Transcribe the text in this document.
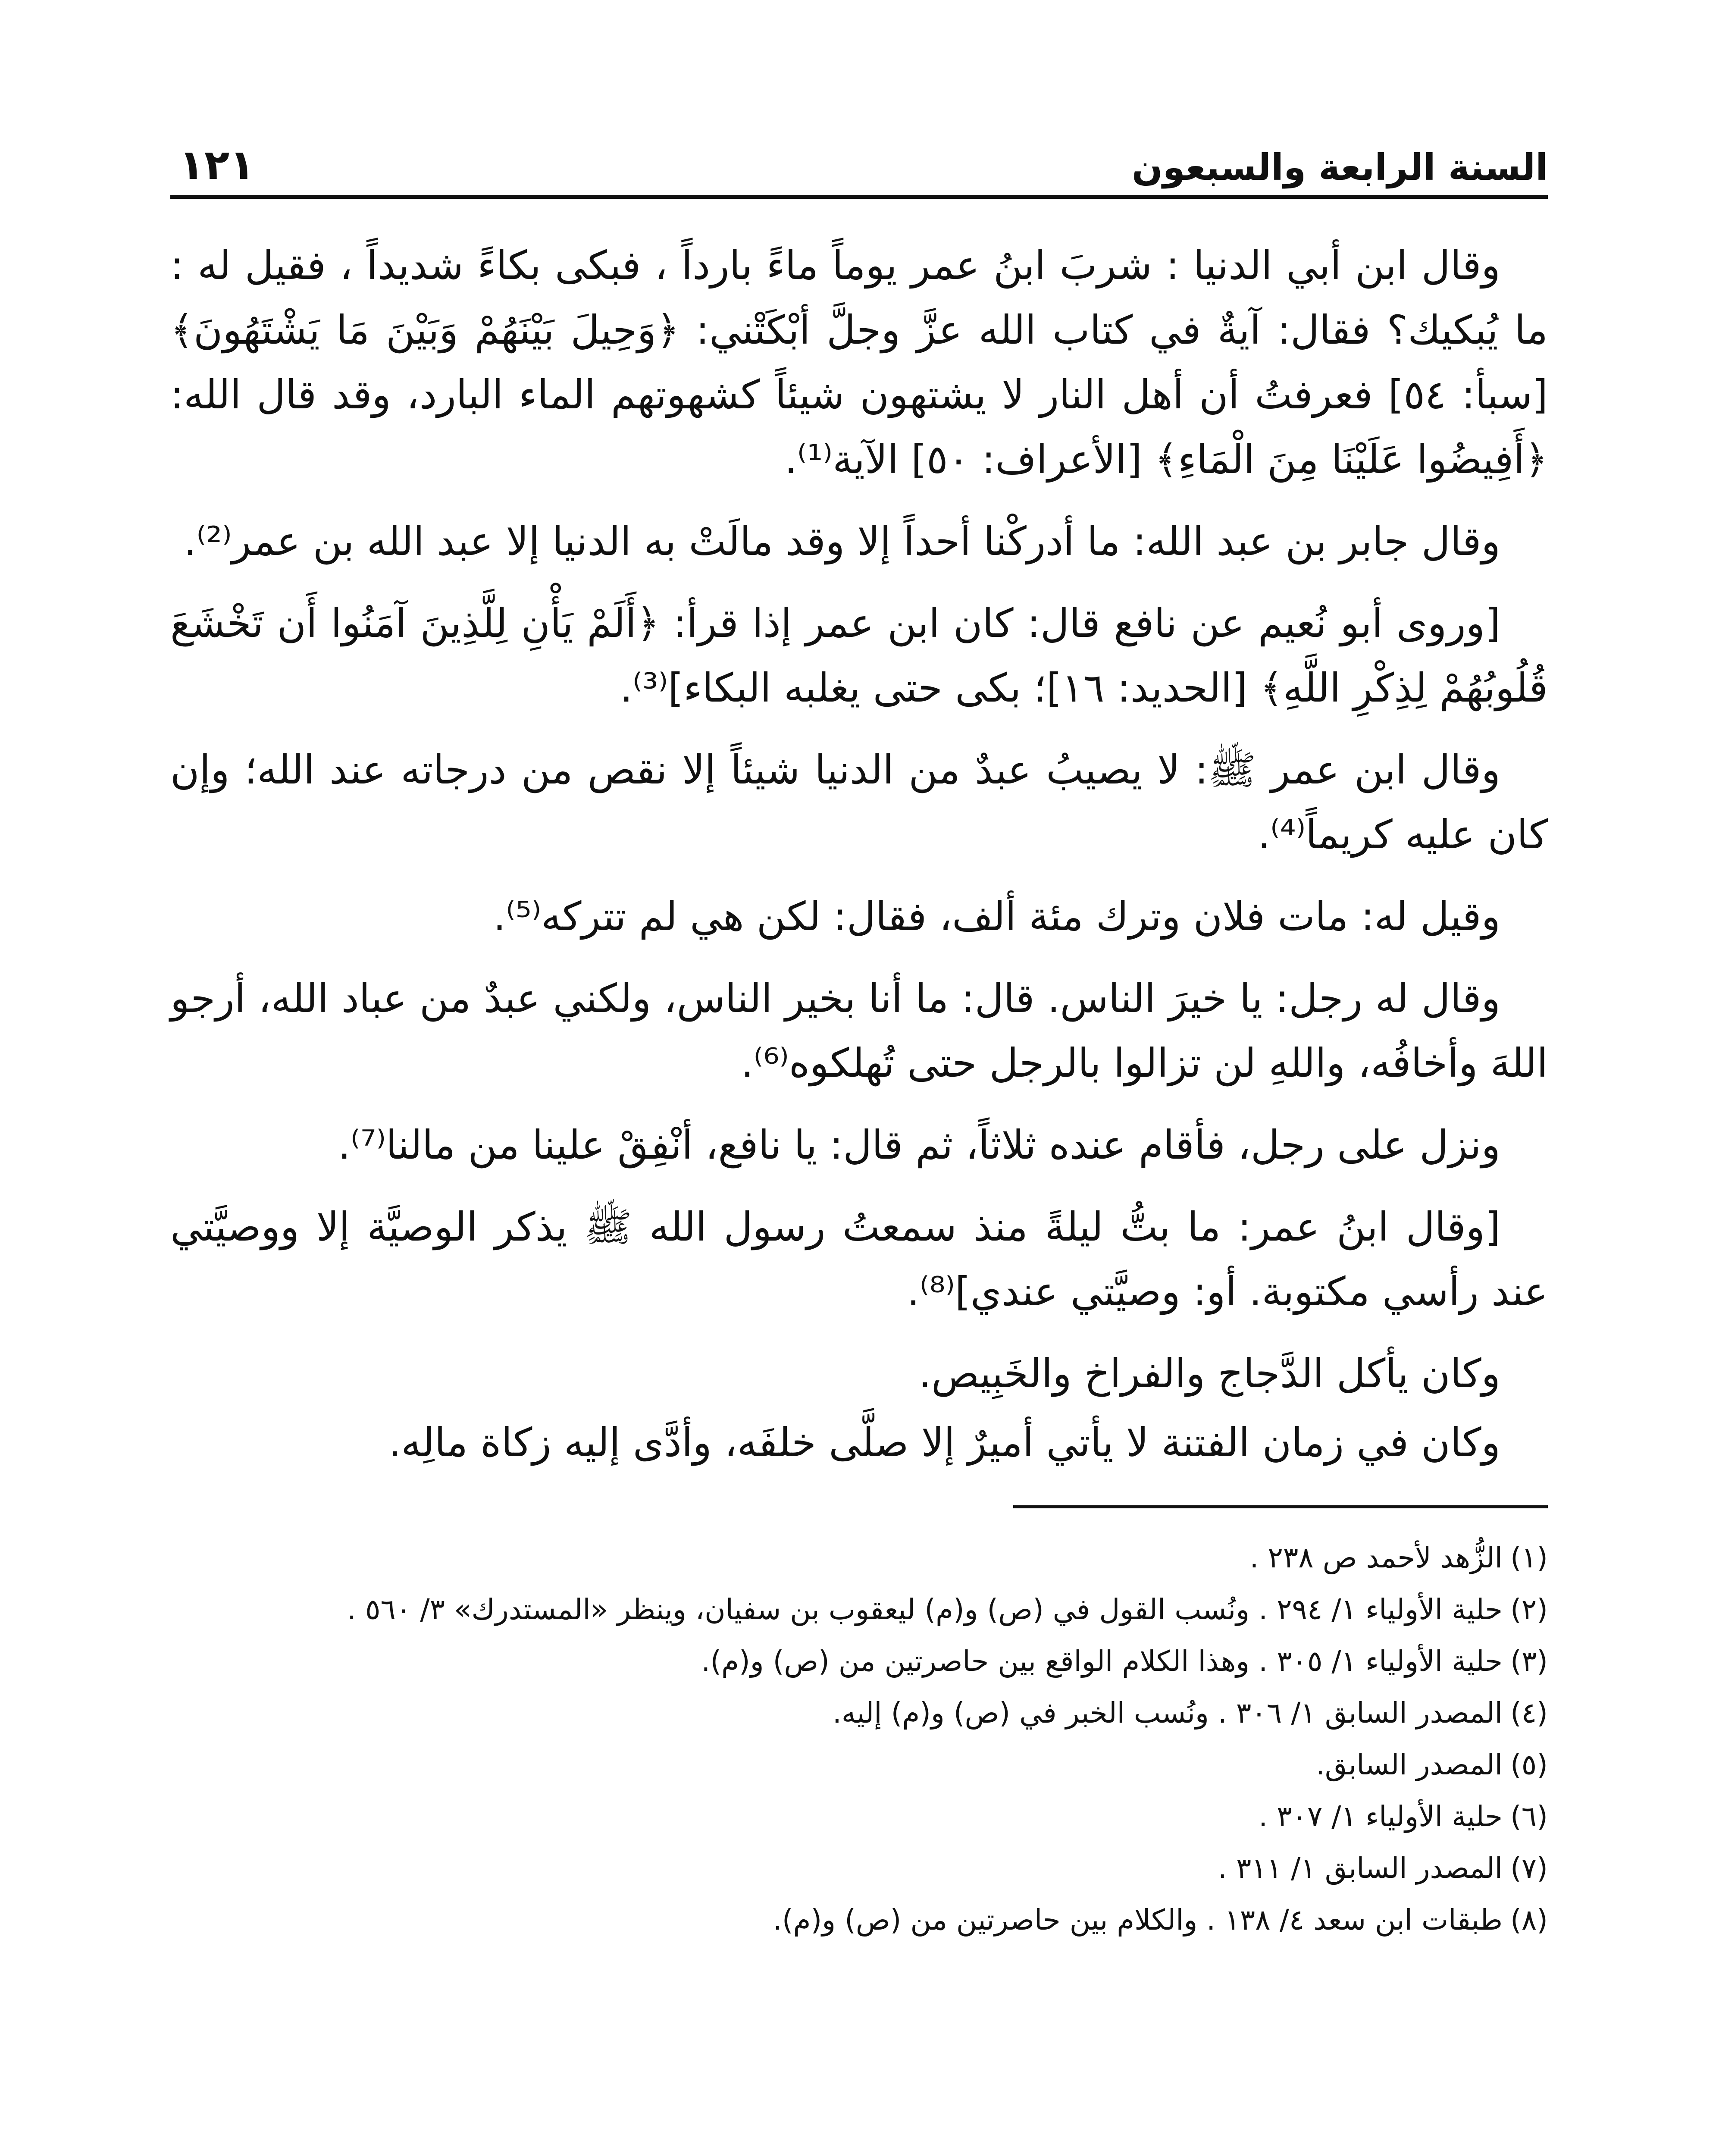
السنة الرابعة والسبعون
١٢١

وقال ابن أبي الدنيا : شربَ ابنُ عمر يوماً ماءً بارداً ، فبكى بكاءً شديداً ، فقيل له : ما يُبكيك؟ فقال: آيةٌ في كتاب الله عزَّ وجلَّ أبْكَتْني: ﴿وَحِيلَ بَيْنَهُمْ وَبَيْنَ مَا يَشْتَهُونَ﴾ [سبأ: ٥٤] فعرفتُ أن أهل النار لا يشتهون شيئاً كشهوتهم الماء البارد، وقد قال الله: ﴿أَفِيضُوا عَلَيْنَا مِنَ الْمَاءِ﴾ [الأعراف: ٥٠] الآية⁽¹⁾.

وقال جابر بن عبد الله: ما أدركْنا أحداً إلا وقد مالَتْ به الدنيا إلا عبد الله بن عمر⁽²⁾.

[وروى أبو نُعيم عن نافع قال: كان ابن عمر إذا قرأ: ﴿أَلَمْ يَأْنِ لِلَّذِينَ آمَنُوا أَن تَخْشَعَ قُلُوبُهُمْ لِذِكْرِ اللَّهِ﴾ [الحديد: ١٦]؛ بكى حتى يغلبه البكاء]⁽³⁾.

وقال ابن عمر ﷺ: لا يصيبُ عبدٌ من الدنيا شيئاً إلا نقص من درجاته عند الله؛ وإن كان عليه كريماً⁽⁴⁾.

وقيل له: مات فلان وترك مئة ألف، فقال: لكن هي لم تتركه⁽⁵⁾.

وقال له رجل: يا خيرَ الناس. قال: ما أنا بخير الناس، ولكني عبدٌ من عباد الله، أرجو اللهَ وأخافُه، واللهِ لن تزالوا بالرجل حتى تُهلكوه⁽⁶⁾.

ونزل على رجل، فأقام عنده ثلاثاً، ثم قال: يا نافع، أنْفِقْ علينا من مالنا⁽⁷⁾.

[وقال ابنُ عمر: ما بتُّ ليلةً منذ سمعتُ رسول الله ﷺ يذكر الوصيَّة إلا ووصيَّتي عند رأسي مكتوبة. أو: وصيَّتي عندي]⁽⁸⁾.

وكان يأكل الدَّجاج والفراخ والخَبِيص.

وكان في زمان الفتنة لا يأتي أميرٌ إلا صلَّى خلفَه، وأدَّى إليه زكاة مالِه.

(١)
الزُّهد لأحمد ص ٢٣٨ .
(٢)
حلية الأولياء ١/ ٢٩٤ . ونُسب القول في (ص) و(م) ليعقوب بن سفيان، وينظر «المستدرك» ٣/ ٥٦٠ .
(٣)
حلية الأولياء ١/ ٣٠٥ . وهذا الكلام الواقع بين حاصرتين من (ص) و(م).
(٤)
المصدر السابق ١/ ٣٠٦ . ونُسب الخبر في (ص) و(م) إليه.
(٥)
المصدر السابق.
(٦)
حلية الأولياء ١/ ٣٠٧ .
(٧)
المصدر السابق ١/ ٣١١ .
(٨)
طبقات ابن سعد ٤/ ١٣٨ . والكلام بين حاصرتين من (ص) و(م).
